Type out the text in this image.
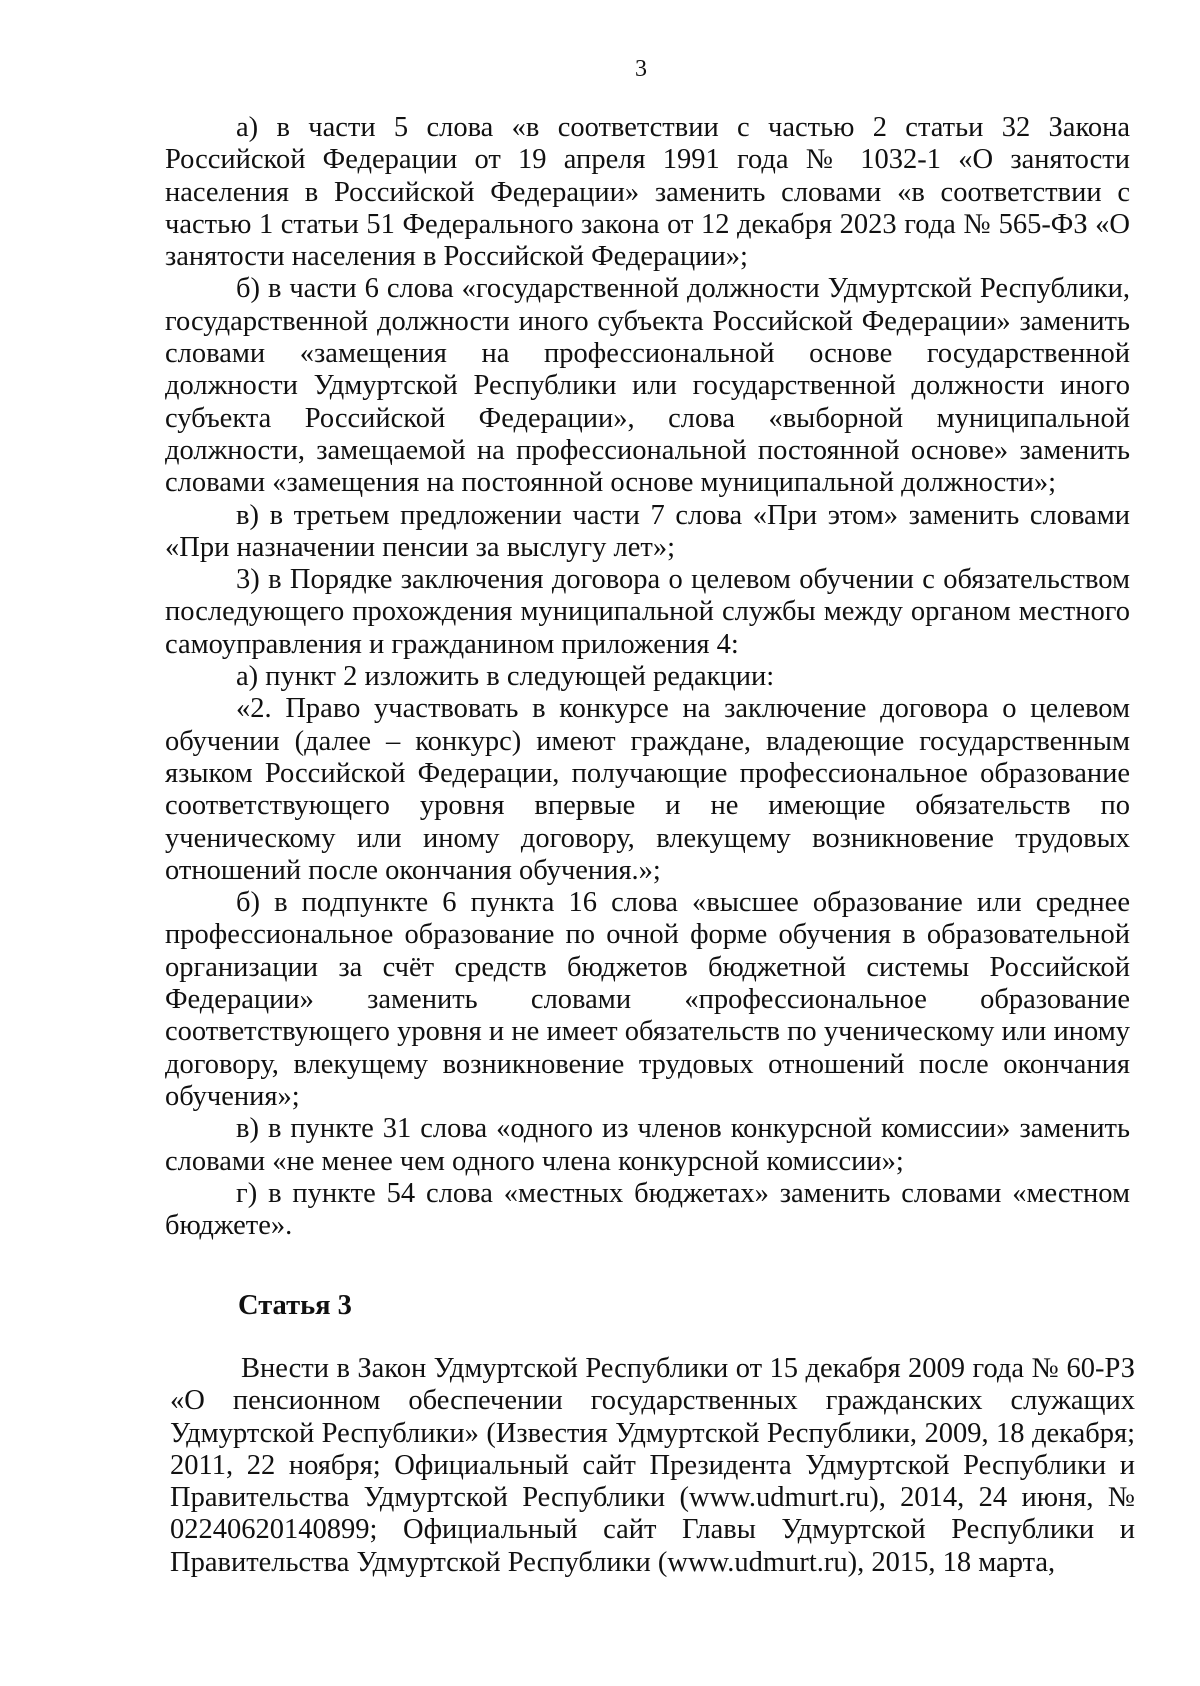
3

а) в части 5 слова «в соответствии с частью 2 статьи 32 Закона Российской Федерации от 19 апреля 1991 года № 1032-1 «О занятости населения в Российской Федерации» заменить словами «в соответствии с частью 1 статьи 51 Федерального закона от 12 декабря 2023 года № 565-ФЗ «О занятости населения в Российской Федерации»;

б) в части 6 слова «государственной должности Удмуртской Республики, государственной должности иного субъекта Российской Федерации» заменить словами «замещения на профессиональной основе государственной должности Удмуртской Республики или государственной должности иного субъекта Российской Федерации», слова «выборной муниципальной должности, замещаемой на профессиональной постоянной основе» заменить словами «замещения на постоянной основе муниципальной должности»;

в) в третьем предложении части 7 слова «При этом» заменить словами «При назначении пенсии за выслугу лет»;

3) в Порядке заключения договора о целевом обучении с обязательством последующего прохождения муниципальной службы между органом местного самоуправления и гражданином приложения 4:

а) пункт 2 изложить в следующей редакции:

«2. Право участвовать в конкурсе на заключение договора о целевом обучении (далее – конкурс) имеют граждане, владеющие государственным языком Российской Федерации, получающие профессиональное образование соответствующего уровня впервые и не имеющие обязательств по ученическому или иному договору, влекущему возникновение трудовых отношений после окончания обучения.»;

б) в подпункте 6 пункта 16 слова «высшее образование или среднее профессиональное образование по очной форме обучения в образовательной организации за счёт средств бюджетов бюджетной системы Российской Федерации» заменить словами «профессиональное образование соответствующего уровня и не имеет обязательств по ученическому или иному договору, влекущему возникновение трудовых отношений после окончания обучения»;

в) в пункте 31 слова «одного из членов конкурсной комиссии» заменить словами «не менее чем одного члена конкурсной комиссии»;

г) в пункте 54 слова «местных бюджетах» заменить словами «местном бюджете».

Статья 3

Внести в Закон Удмуртской Республики от 15 декабря 2009 года № 60-РЗ «О пенсионном обеспечении государственных гражданских служащих Удмуртской Республики» (Известия Удмуртской Республики, 2009, 18 декабря; 2011, 22 ноября; Официальный сайт Президента Удмуртской Республики и Правительства Удмуртской Республики (www.udmurt.ru), 2014, 24 июня, № 02240620140899; Официальный сайт Главы Удмуртской Республики и Правительства Удмуртской Республики (www.udmurt.ru), 2015, 18 марта,
